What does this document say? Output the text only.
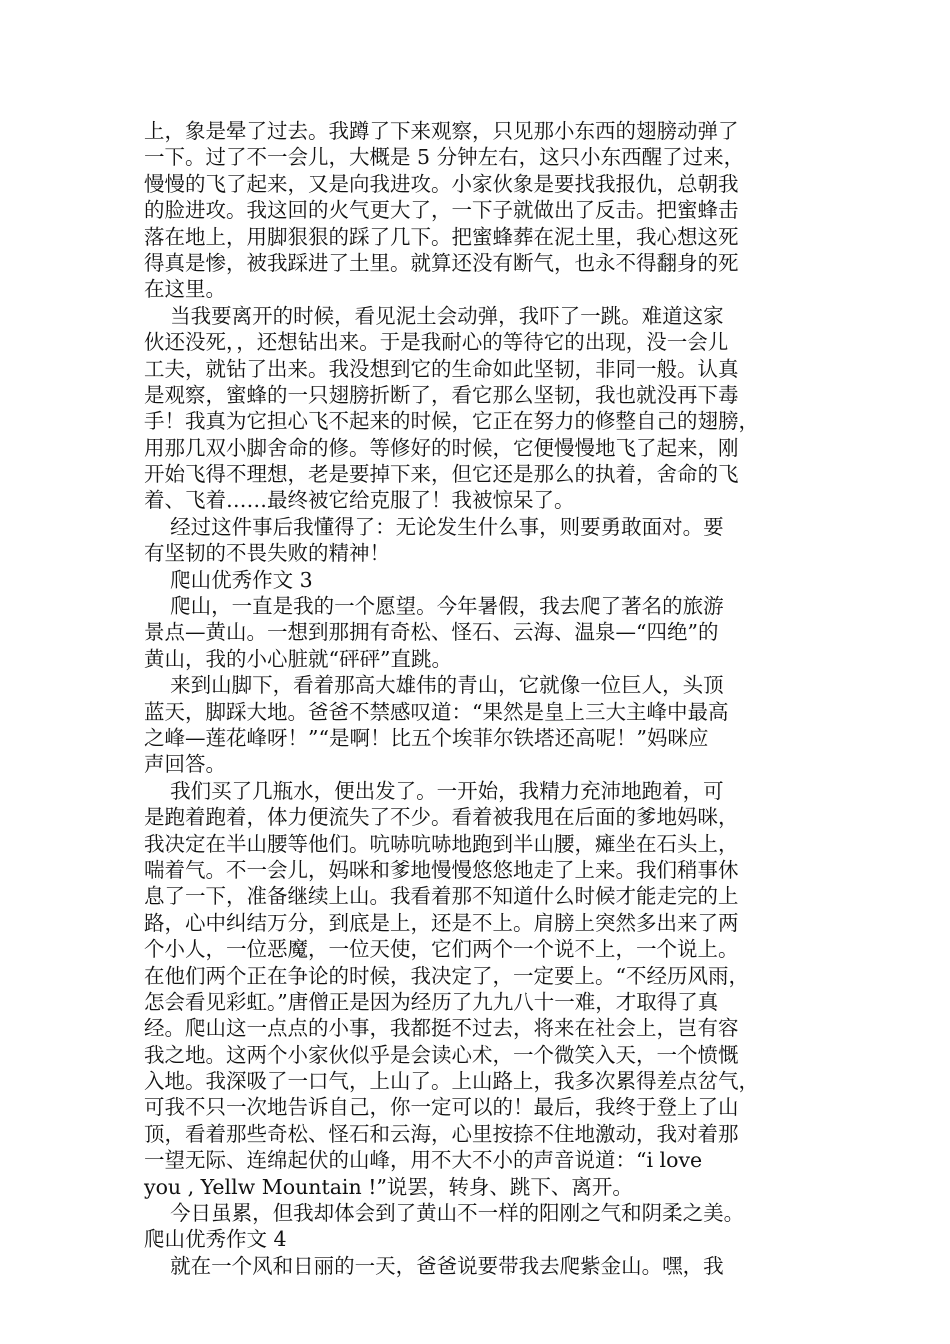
上，象是晕了过去。我蹲了下来观察，只见那小东西的翅膀动弹了
一下。过了不一会儿，大概是 5 分钟左右，这只小东西醒了过来，
慢慢的飞了起来，又是向我进攻。小家伙象是要找我报仇，总朝我
的脸进攻。我这回的火气更大了，一下子就做出了反击。把蜜蜂击
落在地上，用脚狠狠的踩了几下。把蜜蜂葬在泥土里，我心想这死
得真是惨，被我踩进了土里。就算还没有断气，也永不得翻身的死
在这里。
当我要离开的时候，看见泥土会动弹，我吓了一跳。难道这家
伙还没死，，还想钻出来。于是我耐心的等待它的出现，没一会儿
工夫，就钻了出来。我没想到它的生命如此坚韧，非同一般。认真
是观察，蜜蜂的一只翅膀折断了，看它那么坚韧，我也就没再下毒
手！我真为它担心飞不起来的时候，它正在努力的修整自己的翅膀，
用那几双小脚舍命的修。等修好的时候，它便慢慢地飞了起来，刚
开始飞得不理想，老是要掉下来，但它还是那么的执着，舍命的飞
着、飞着……最终被它给克服了！我被惊呆了。
经过这件事后我懂得了：无论发生什么事，则要勇敢面对。要
有坚韧的不畏失败的精神！
爬山优秀作文 3
爬山，一直是我的一个愿望。今年暑假，我去爬了著名的旅游
景点—黄山。一想到那拥有奇松、怪石、云海、温泉—“四绝”的
黄山，我的小心脏就“砰砰”直跳。
来到山脚下，看着那高大雄伟的青山，它就像一位巨人，头顶
蓝天，脚踩大地。爸爸不禁感叹道：“果然是皇上三大主峰中最高
之峰—莲花峰呀！”“是啊！比五个埃菲尔铁塔还高呢！”妈咪应
声回答。
我们买了几瓶水，便出发了。一开始，我精力充沛地跑着，可
是跑着跑着，体力便流失了不少。看着被我甩在后面的爹地妈咪，
我决定在半山腰等他们。吭哧吭哧地跑到半山腰，瘫坐在石头上，
喘着气。不一会儿，妈咪和爹地慢慢悠悠地走了上来。我们稍事休
息了一下，准备继续上山。我看着那不知道什么时候才能走完的上
路，心中纠结万分，到底是上，还是不上。肩膀上突然多出来了两
个小人，一位恶魔，一位天使，它们两个一个说不上，一个说上。
在他们两个正在争论的时候，我决定了，一定要上。“不经历风雨，
怎会看见彩虹。”唐僧正是因为经历了九九八十一难，才取得了真
经。爬山这一点点的小事，我都挺不过去，将来在社会上，岂有容
我之地。这两个小家伙似乎是会读心术，一个微笑入天，一个愤慨
入地。我深吸了一口气，上山了。上山路上，我多次累得差点岔气，
可我不只一次地告诉自己，你一定可以的！最后，我终于登上了山
顶，看着那些奇松、怪石和云海，心里按捺不住地激动，我对着那
一望无际、连绵起伏的山峰，用不大不小的声音说道：“i love
you , Yellw Mountain !”说罢，转身、跳下、离开。
今日虽累，但我却体会到了黄山不一样的阳刚之气和阴柔之美。
爬山优秀作文 4
就在一个风和日丽的一天，爸爸说要带我去爬紫金山。嘿，我
